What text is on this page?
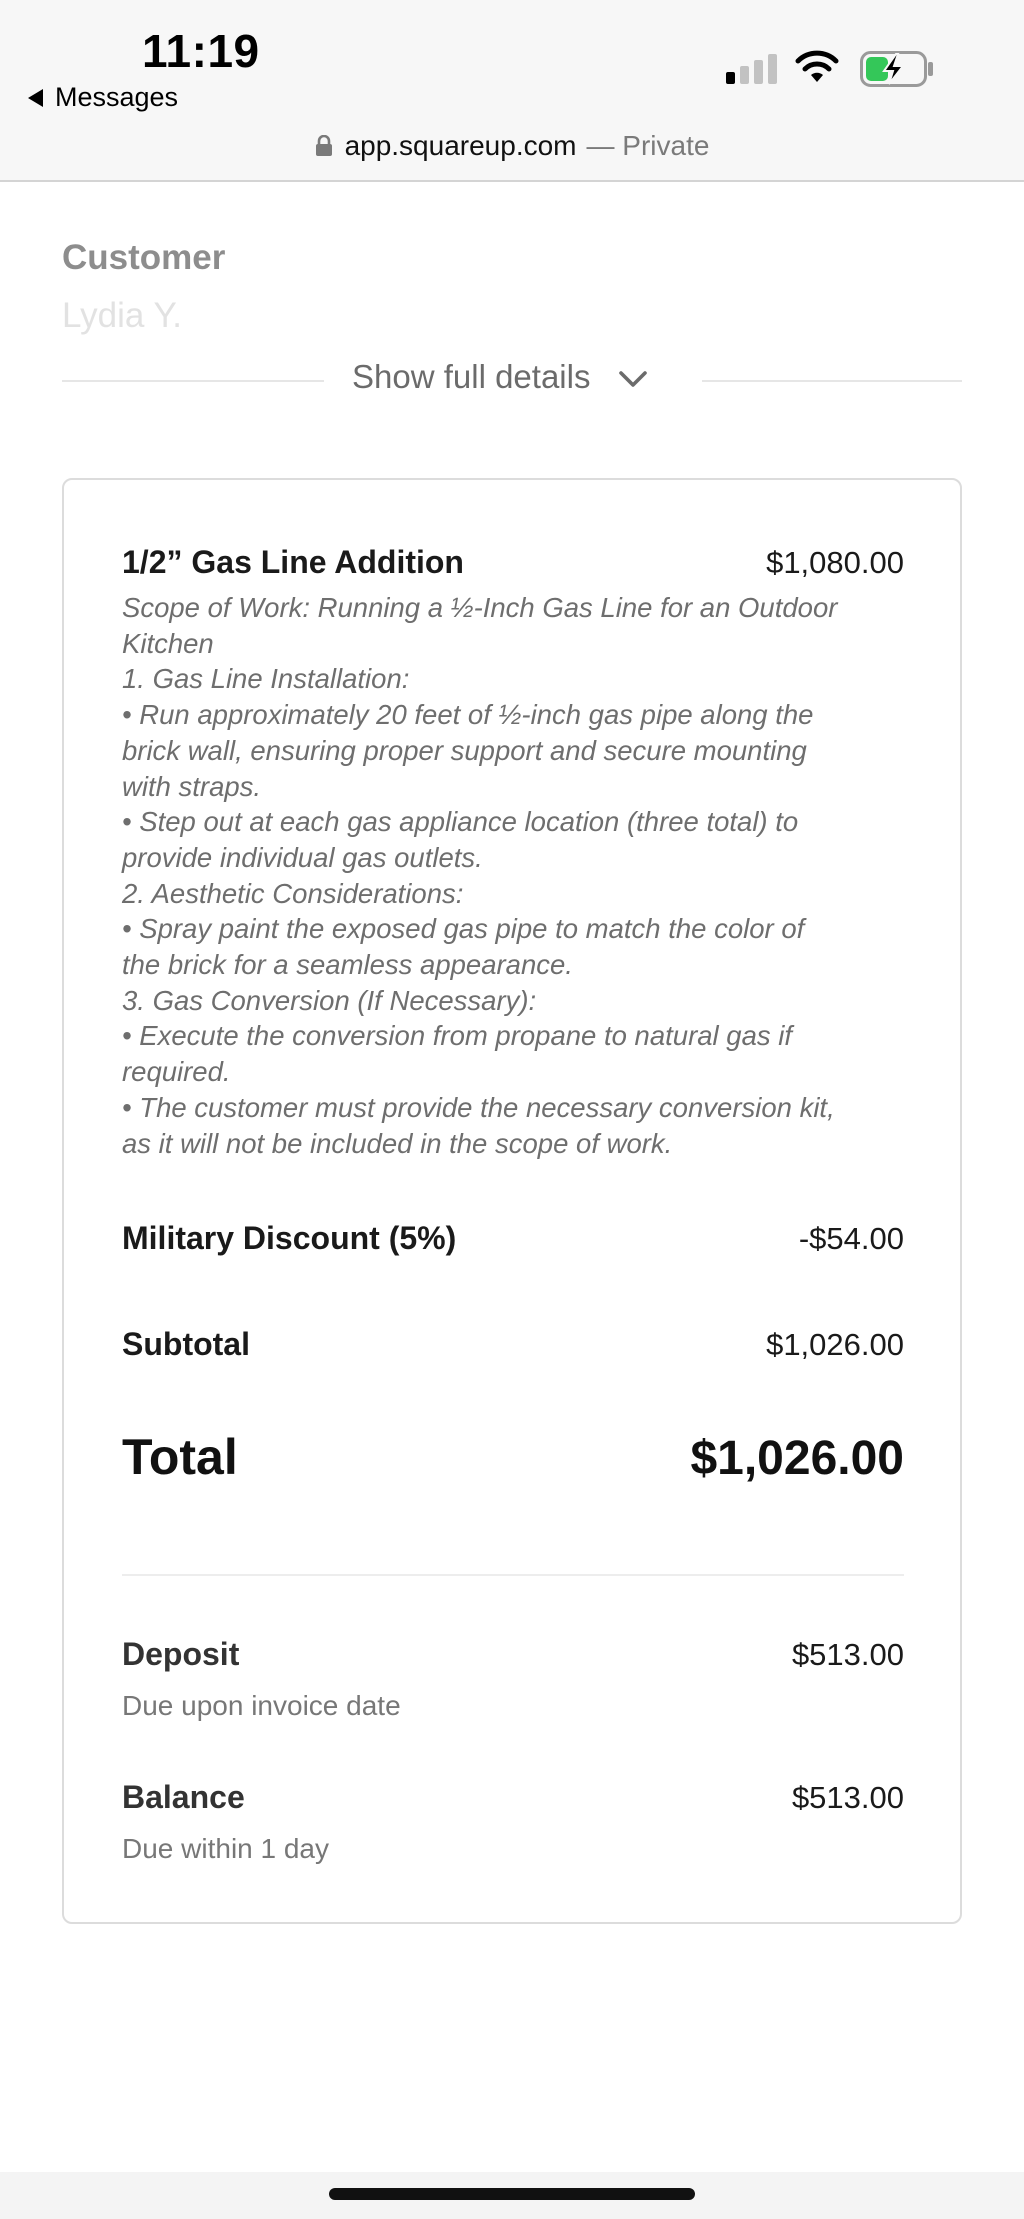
11:19
Messages
app.squareup.com — Private
Customer
Lydia Y.
Show full details
1/2” Gas Line Addition	$1,080.00
Scope of Work: Running a ½-Inch Gas Line for an Outdoor
Kitchen
1. Gas Line Installation:
• Run approximately 20 feet of ½-inch gas pipe along the
brick wall, ensuring proper support and secure mounting
with straps.
• Step out at each gas appliance location (three total) to
provide individual gas outlets.
2. Aesthetic Considerations:
• Spray paint the exposed gas pipe to match the color of
the brick for a seamless appearance.
3. Gas Conversion (If Necessary):
• Execute the conversion from propane to natural gas if
required.
• The customer must provide the necessary conversion kit,
as it will not be included in the scope of work.
Military Discount (5%)	-$54.00
Subtotal	$1,026.00
Total	$1,026.00
Deposit	$513.00
Due upon invoice date
Balance	$513.00
Due within 1 day
